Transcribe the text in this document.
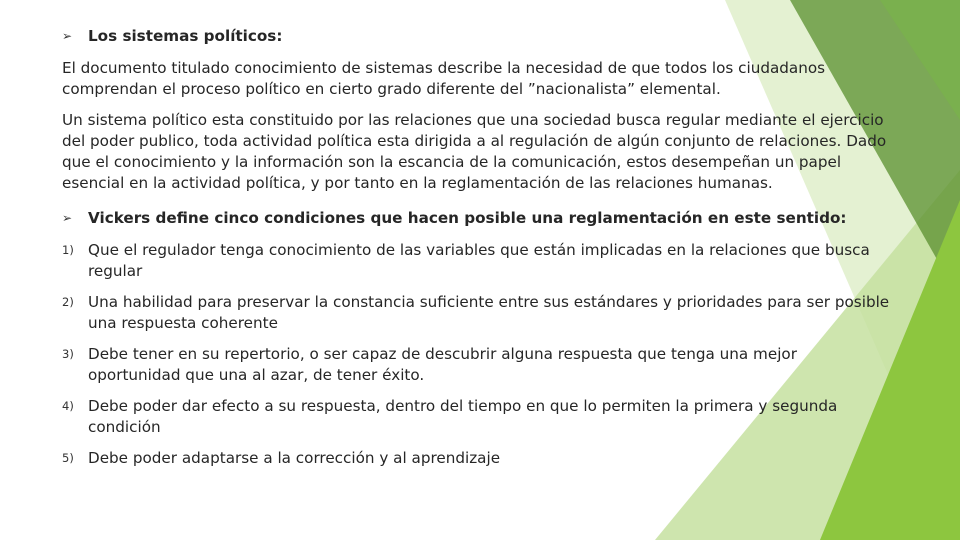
➢	Los sistemas políticos:

El documento titulado conocimiento de sistemas describe la necesidad de que todos los ciudadanos comprendan el proceso político en cierto grado diferente del ”nacionalista” elemental.

Un sistema político esta constituido por las relaciones que una sociedad busca regular mediante el ejercicio del poder publico, toda actividad política esta dirigida a al regulación de algún conjunto de relaciones. Dado que el conocimiento y la información son la escancia de la comunicación, estos desempeñan un papel esencial en la actividad política, y por tanto en la reglamentación de las relaciones humanas.

➢	Vickers define cinco condiciones que hacen posible una reglamentación en este sentido:
1) Que el regulador tenga conocimiento de las variables que están implicadas en la relaciones que busca regular
2) Una habilidad para preservar la constancia suficiente entre sus estándares y prioridades para ser posible una respuesta coherente
3) Debe tener en su repertorio, o ser capaz de descubrir alguna respuesta que tenga una mejor oportunidad que una al azar, de tener éxito.
4) Debe poder dar efecto a su respuesta, dentro del tiempo en que lo permiten la primera y segunda condición
5) Debe poder adaptarse a la corrección y al aprendizaje
